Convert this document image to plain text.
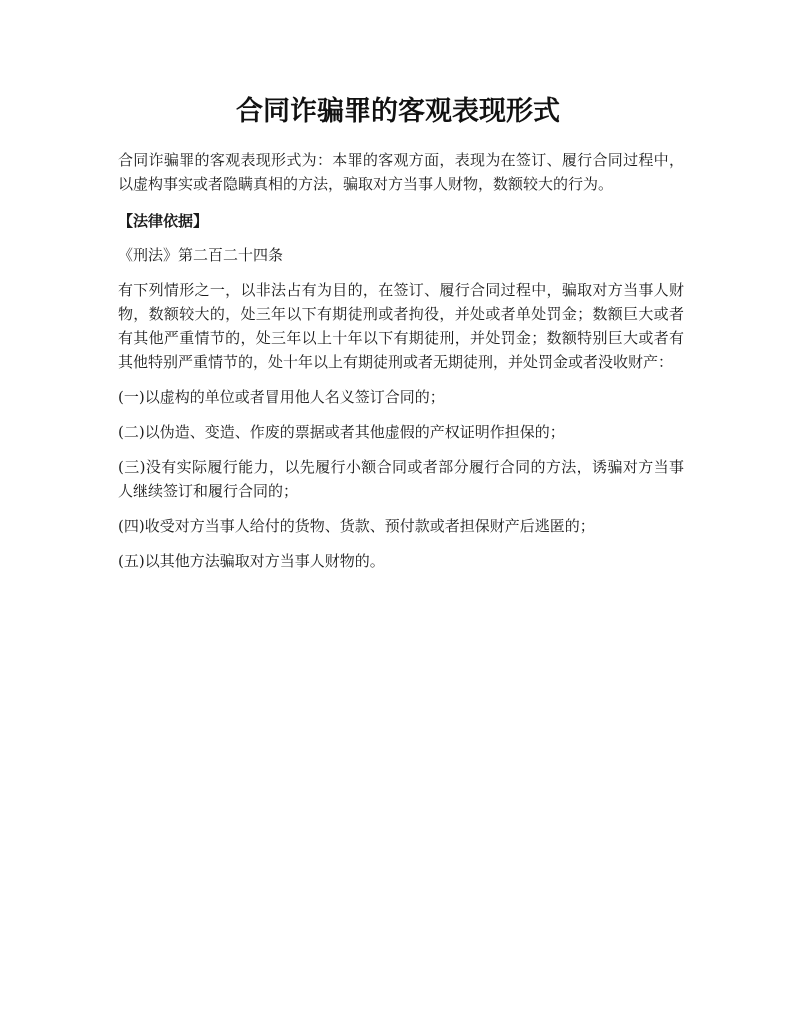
合同诈骗罪的客观表现形式

合同诈骗罪的客观表现形式为：本罪的客观方面，表现为在签订、履行合同过程中，以虚构事实或者隐瞒真相的方法，骗取对方当事人财物，数额较大的行为。

【法律依据】

《刑法》第二百二十四条

有下列情形之一，以非法占有为目的，在签订、履行合同过程中，骗取对方当事人财物，数额较大的，处三年以下有期徒刑或者拘役，并处或者单处罚金；数额巨大或者有其他严重情节的，处三年以上十年以下有期徒刑，并处罚金；数额特别巨大或者有其他特别严重情节的，处十年以上有期徒刑或者无期徒刑，并处罚金或者没收财产：

(一)以虚构的单位或者冒用他人名义签订合同的；

(二)以伪造、变造、作废的票据或者其他虚假的产权证明作担保的；

(三)没有实际履行能力，以先履行小额合同或者部分履行合同的方法，诱骗对方当事人继续签订和履行合同的；

(四)收受对方当事人给付的货物、货款、预付款或者担保财产后逃匿的；

(五)以其他方法骗取对方当事人财物的。
